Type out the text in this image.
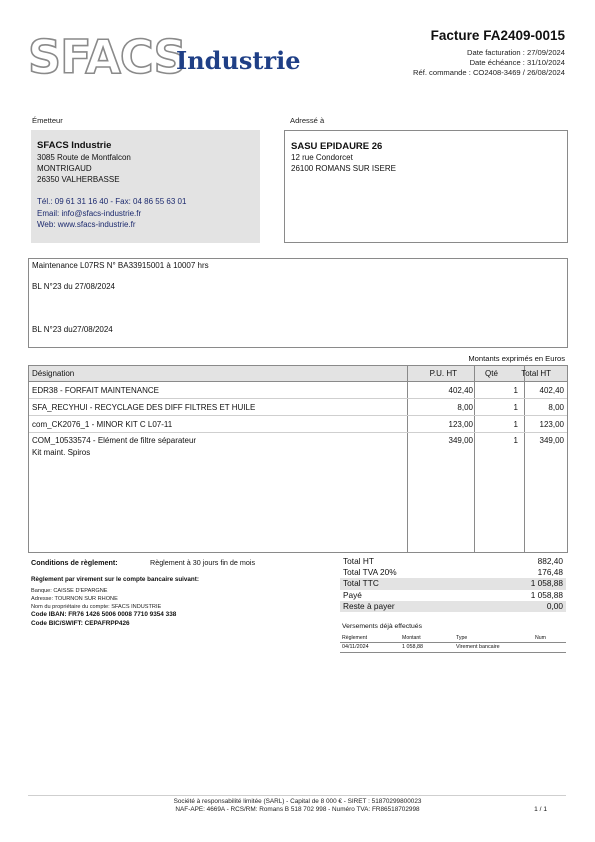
SFACS
Industrie
Facture FA2409-0015
Date facturation : 27/09/2024
Date échéance : 31/10/2024
Réf. commande : CO2408-3469 / 26/08/2024
Émetteur
SFACS Industrie
3085 Route de Montfalcon
MONTRIGAUD
26350 VALHERBASSE
Tél.: 09 61 31 16 40 - Fax: 04 86 55 63 01
Email: info@sfacs-industrie.fr
Web: www.sfacs-industrie.fr
Adressé à
SASU EPIDAURE 26
12 rue Condorcet
26100 ROMANS SUR ISERE
Maintenance L07RS N° BA33915001 à 10007 hrs
BL N°23 du 27/08/2024
BL N°23 du27/08/2024
Montants exprimés en Euros
Désignation	P.U. HT	Qté	Total HT
EDR38 - FORFAIT MAINTENANCE	402,40	1	402,40
SFA_RECYHUI - RECYCLAGE DES DIFF FILTRES ET HUILE	8,00	1	8,00
com_CK2076_1 - MINOR KIT C L07-11	123,00	1	123,00
COM_10533574 - Elément de filtre séparateur
Kit maint. Spiros
349,00	1	349,00
Conditions de règlement:	Règlement à 30 jours fin de mois
Règlement par virement sur le compte bancaire suivant:
Banque: CAISSE D'EPARGNE
Adresse: TOURNON SUR RHONE
Nom du propriétaire du compte: SFACS INDUSTRIE
Code IBAN: FR76 1426 5006 0008 7710 9354 338
Code BIC/SWIFT: CEPAFRPP426
Total HT	882,40
Total TVA 20%	176,48
Total TTC	1 058,88
Payé	1 058,88
Reste à payer	0,00
Versements déjà effectués
Règlement	Montant	Type	Num
04/11/2024	1 058,88	Virement bancaire
Société à responsabilité limitée (SARL) - Capital de 8 000 € - SIRET : 51870299800023
NAF-APE: 4669A - RCS/RM: Romans B 518 702 998 - Numéro TVA: FR86518702998	1 / 1
